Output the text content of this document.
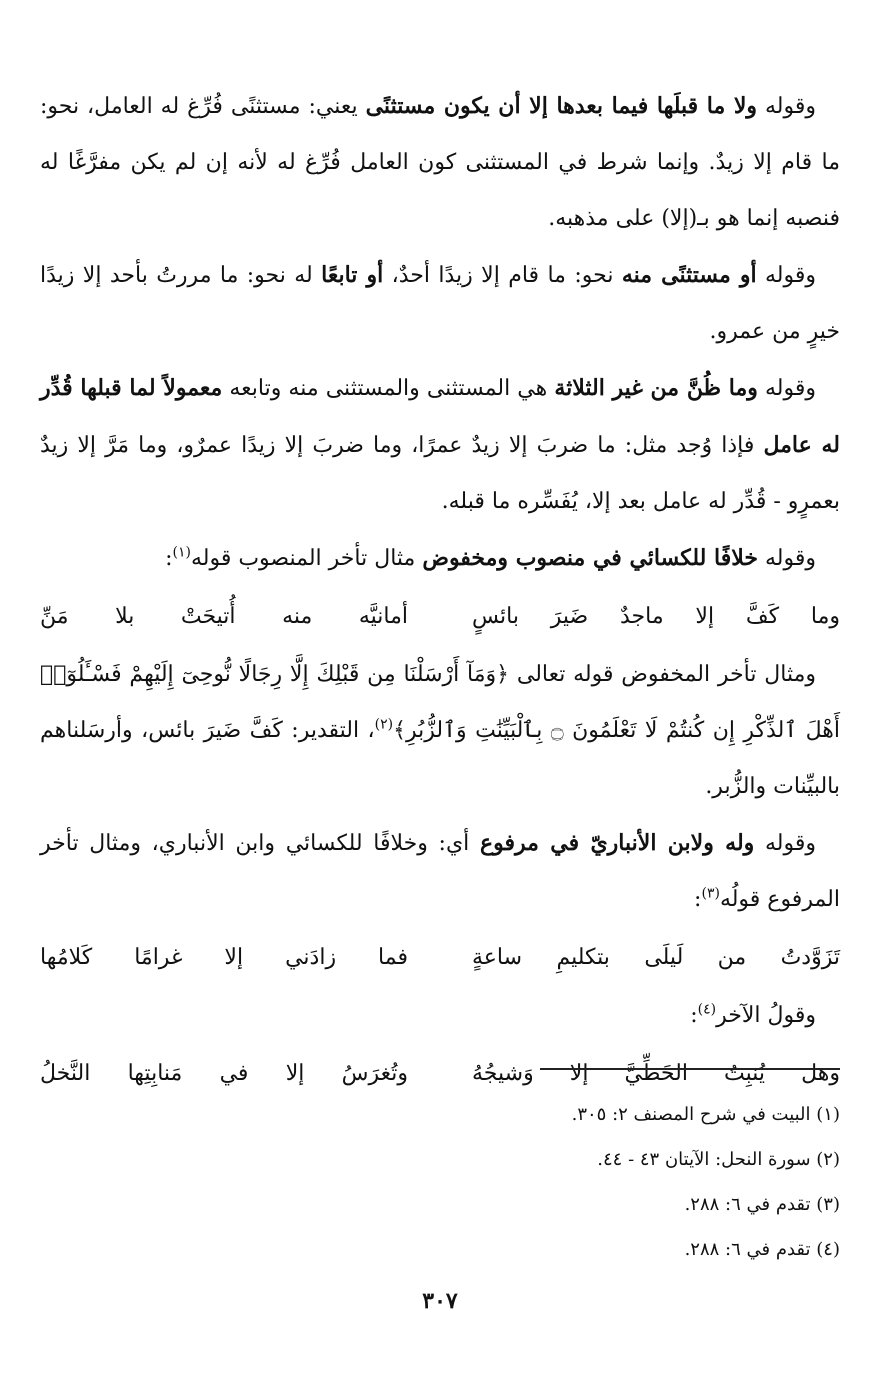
وقوله ولا ما قبلَها فيما بعدها إلا أن يكون مستثنًى يعني: مستثنًى فُرِّغ له العامل، نحو: ما قام إلا زيدٌ. وإنما شرط في المستثنى كون العامل فُرِّغ له لأنه إن لم يكن مفرَّغًا له فنصبه إنما هو بـ(إلا) على مذهبه.

وقوله أو مستثنًى منه نحو: ما قام إلا زيدًا أحدٌ، أو تابعًا له نحو: ما مررتُ بأحد إلا زيدًا خيرٍ من عمرو.

وقوله وما ظُنَّ من غير الثلاثة هي المستثنى والمستثنى منه وتابعه معمولاً لما قبلها قُدِّر له عامل فإذا وُجد مثل: ما ضربَ إلا زيدٌ عمرًا، وما ضربَ إلا زيدًا عمرٌو، وما مَرَّ إلا زيدٌ بعمرٍو - قُدِّر له عامل بعد إلا، يُفَسِّره ما قبله.

وقوله خلافًا للكسائي في منصوب ومخفوض مثال تأخر المنصوب قوله$^{(١)}$:

وما كَفَّ إلا ماجدٌ ضَيرَ بائسٍ
أمانيَّه منه أُتيحَتْ بلا مَنِّ

ومثال تأخر المخفوض قوله تعالى ﴿وَمَآ أَرْسَلْنَا مِن قَبْلِكَ إِلَّا رِجَالًا نُّوحِىٓ إِلَيْهِمْ فَسْـَٔلُوٓا۟ أَهْلَ ٱلذِّكْرِ إِن كُنتُمْ لَا تَعْلَمُونَ ۝ بِٱلْبَيِّنَٰتِ وَٱلزُّبُرِ﴾$^{(٢)}$، التقدير: كَفَّ ضَيرَ بائس، وأرسَلناهم بالبيِّنات والزُّبر.

وقوله وله ولابن الأنباريّ في مرفوع أي: وخلافًا للكسائي وابن الأنباري، ومثال تأخر المرفوع قولُه$^{(٣)}$:

تَزَوَّدتُ من لَيلَى بتكليمِ ساعةٍ
فما زادَني إلا غرامًا كَلامُها

وقولُ الآخر$^{(٤)}$:

وهل يُنبِتُ الخَطِّيَّ إلا وَشيجُهُ
وتُغرَسُ إلا في مَنابِتِها النَّخلُ

(١) البيت في شرح المصنف ٢: ٣٠٥.

(٢) سورة النحل: الآيتان ٤٣ - ٤٤.

(٣) تقدم في ٦: ٢٨٨.

(٤) تقدم في ٦: ٢٨٨.

٣٠٧
